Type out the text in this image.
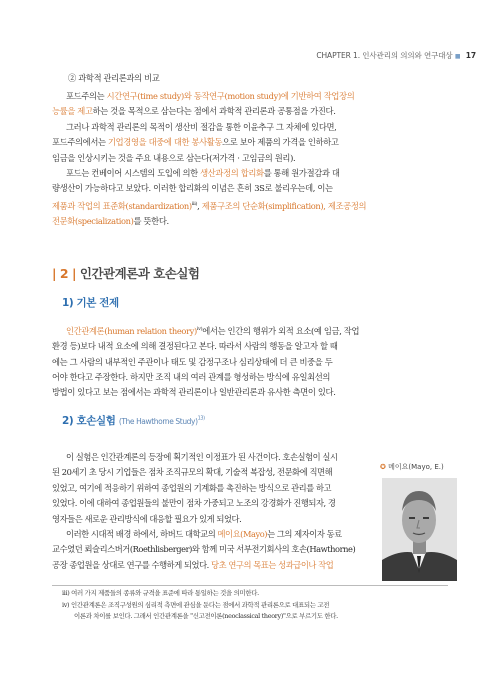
CHAPTER 1. 인사관리의 의의와 연구대상 ■ 17
② 과학적 관리론과의 비교
포드주의는 시간연구(time study)와 동작연구(motion study)에 기반하여 작업장의
능률을 제고하는 것을 목적으로 삼는다는 점에서 과학적 관리론과 공통점을 가진다.
그러나 과학적 관리론의 목적이 생산비 절감을 통한 이윤추구 그 자체에 있다면,
포드주의에서는 기업경영을 대중에 대한 봉사활동으로 보아 제품의 가격을 인하하고
임금을 인상시키는 것을 주요 내용으로 삼는다(저가격 · 고임금의 원리).
포드는 컨베이어 시스템의 도입에 의한 생산과정의 합리화를 통해 원가절감과 대
량생산이 가능하다고 보았다. 이러한 합리화의 이념은 흔히 3S로 불리우는데, 이는
제품과 작업의 표준화(standardization)$^{iii)}$, 제품구조의 단순화(simplification), 제조공정의
전문화(specialization)를 뜻한다.
| 2 | 인간관계론과 호손실험
1) 기본 전제
인간관계론(human relation theory)$^{iv)}$에서는 인간의 행위가 외적 요소(예 임금, 작업
환경 등)보다 내적 요소에 의해 결정된다고 본다. 따라서 사람의 행동을 알고자 할 때
에는 그 사람의 내부적인 주관이나 태도 및 감정구조나 심리상태에 더 큰 비중을 두
어야 한다고 주장한다. 하지만 조직 내의 여러 관계를 형성하는 방식에 유일최선의
방법이 있다고 보는 점에서는 과학적 관리론이나 일반관리론과 유사한 측면이 있다.
2) 호손실험 (The Hawthorne Study)$^{13)}$
이 실험은 인간관계론의 등장에 획기적인 이정표가 된 사건이다. 호손실험이 실시
된 20세기 초 당시 기업들은 점차 조직규모의 확대, 기술적 복잡성, 전문화에 직면해
있었고, 여기에 적응하기 위하여 종업원의 기계화를 촉진하는 방식으로 관리를 하고
있었다. 이에 대하여 종업원들의 불만이 점차 가중되고 노조의 강경화가 진행되자, 경
영자들은 새로운 관리방식에 대응할 필요가 있게 되었다.
이러한 시대적 배경 하에서, 하버드 대학교의 메이요(Mayo)는 그의 제자이자 동료
교수였던 뢰슬리스버거(Roethlisberger)와 함께 미국 서부전기회사의 호손(Hawthorne)
공장 종업원을 상대로 연구를 수행하게 되었다. 당초 연구의 목표는 성과급이나 작업
✪ 메이요(Mayo, E.)
iii) 여러 가지 제품들의 종류와 규격을 표준에 따라 통일하는 것을 의미한다.
iv) 인간관계론은 조직구성원의 심리적 측면에 관심을 둔다는 점에서 과학적 관리론으로 대표되는 고전
이론과 차이를 보인다. 그래서 인간관계론을 "신고전이론(neoclassical theory)"으로 부르기도 한다.
